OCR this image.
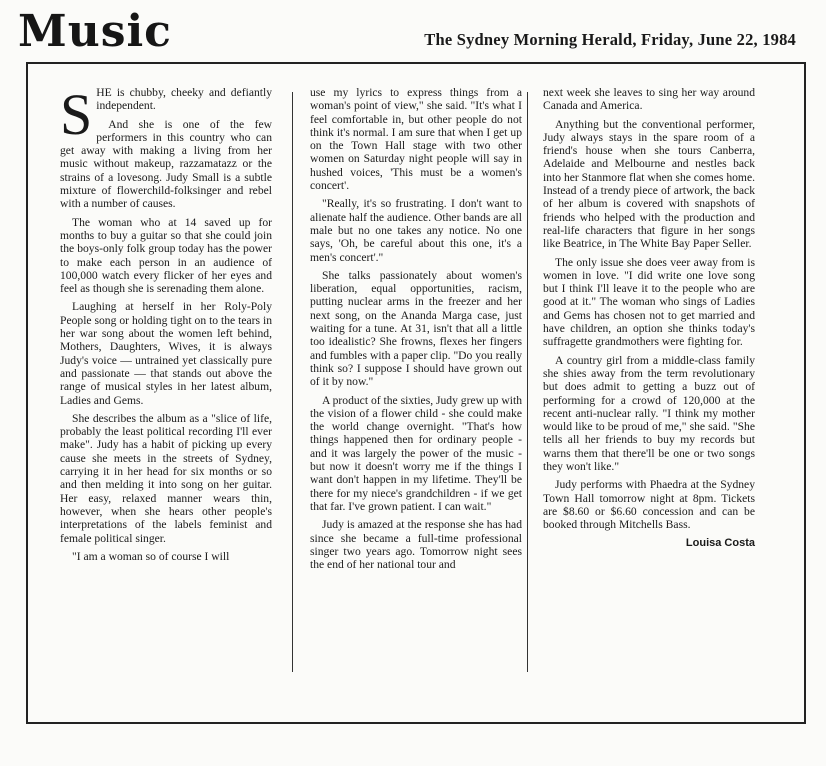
Music	The Sydney Morning Herald, Friday, June 22, 1984

SHE is chubby, cheeky and defiantly independent.

And she is one of the few performers in this country who can get away with making a living from her music without makeup, razzamatazz or the strains of a lovesong. Judy Small is a subtle mixture of flowerchild-folksinger and rebel with a number of causes.

The woman who at 14 saved up for months to buy a guitar so that she could join the boys-only folk group today has the power to make each person in an audience of 100,000 watch every flicker of her eyes and feel as though she is serenading them alone.

Laughing at herself in her Roly-Poly People song or holding tight on to the tears in her war song about the women left behind, Mothers, Daughters, Wives, it is always Judy's voice — untrained yet classically pure and passionate — that stands out above the range of musical styles in her latest album, Ladies and Gems.

She describes the album as a "slice of life, probably the least political recording I'll ever make". Judy has a habit of picking up every cause she meets in the streets of Sydney, carrying it in her head for six months or so and then melding it into song on her guitar. Her easy, relaxed manner wears thin, however, when she hears other people's interpretations of the labels feminist and female political singer.

"I am a woman so of course I will

use my lyrics to express things from a woman's point of view," she said. "It's what I feel comfortable in, but other people do not think it's normal. I am sure that when I get up on the Town Hall stage with two other women on Saturday night people will say in hushed voices, 'This must be a women's concert'.

"Really, it's so frustrating. I don't want to alienate half the audience. Other bands are all male but no one takes any notice. No one says, 'Oh, be careful about this one, it's a men's concert'."

She talks passionately about women's liberation, equal opportunities, racism, putting nuclear arms in the freezer and her next song, on the Ananda Marga case, just waiting for a tune. At 31, isn't that all a little too idealistic? She frowns, flexes her fingers and fumbles with a paper clip. "Do you really think so? I suppose I should have grown out of it by now."

A product of the sixties, Judy grew up with the vision of a flower child - she could make the world change overnight. "That's how things happened then for ordinary people - and it was largely the power of the music - but now it doesn't worry me if the things I want don't happen in my lifetime. They'll be there for my niece's grandchildren - if we get that far. I've grown patient. I can wait."

Judy is amazed at the response she has had since she became a full-time professional singer two years ago. Tomorrow night sees the end of her national tour and

next week she leaves to sing her way around Canada and America.

Anything but the conventional performer, Judy always stays in the spare room of a friend's house when she tours Canberra, Adelaide and Melbourne and nestles back into her Stanmore flat when she comes home. Instead of a trendy piece of artwork, the back of her album is covered with snapshots of friends who helped with the production and real-life characters that figure in her songs like Beatrice, in The White Bay Paper Seller.

The only issue she does veer away from is women in love. "I did write one love song but I think I'll leave it to the people who are good at it." The woman who sings of Ladies and Gems has chosen not to get married and have children, an option she thinks today's suffragette grandmothers were fighting for.

A country girl from a middle-class family she shies away from the term revolutionary but does admit to getting a buzz out of performing for a crowd of 120,000 at the recent anti-nuclear rally. "I think my mother would like to be proud of me," she said. "She tells all her friends to buy my records but warns them that there'll be one or two songs they won't like."

Judy performs with Phaedra at the Sydney Town Hall tomorrow night at 8pm. Tickets are $8.60 or $6.60 concession and can be booked through Mitchells Bass.

Louisa Costa
